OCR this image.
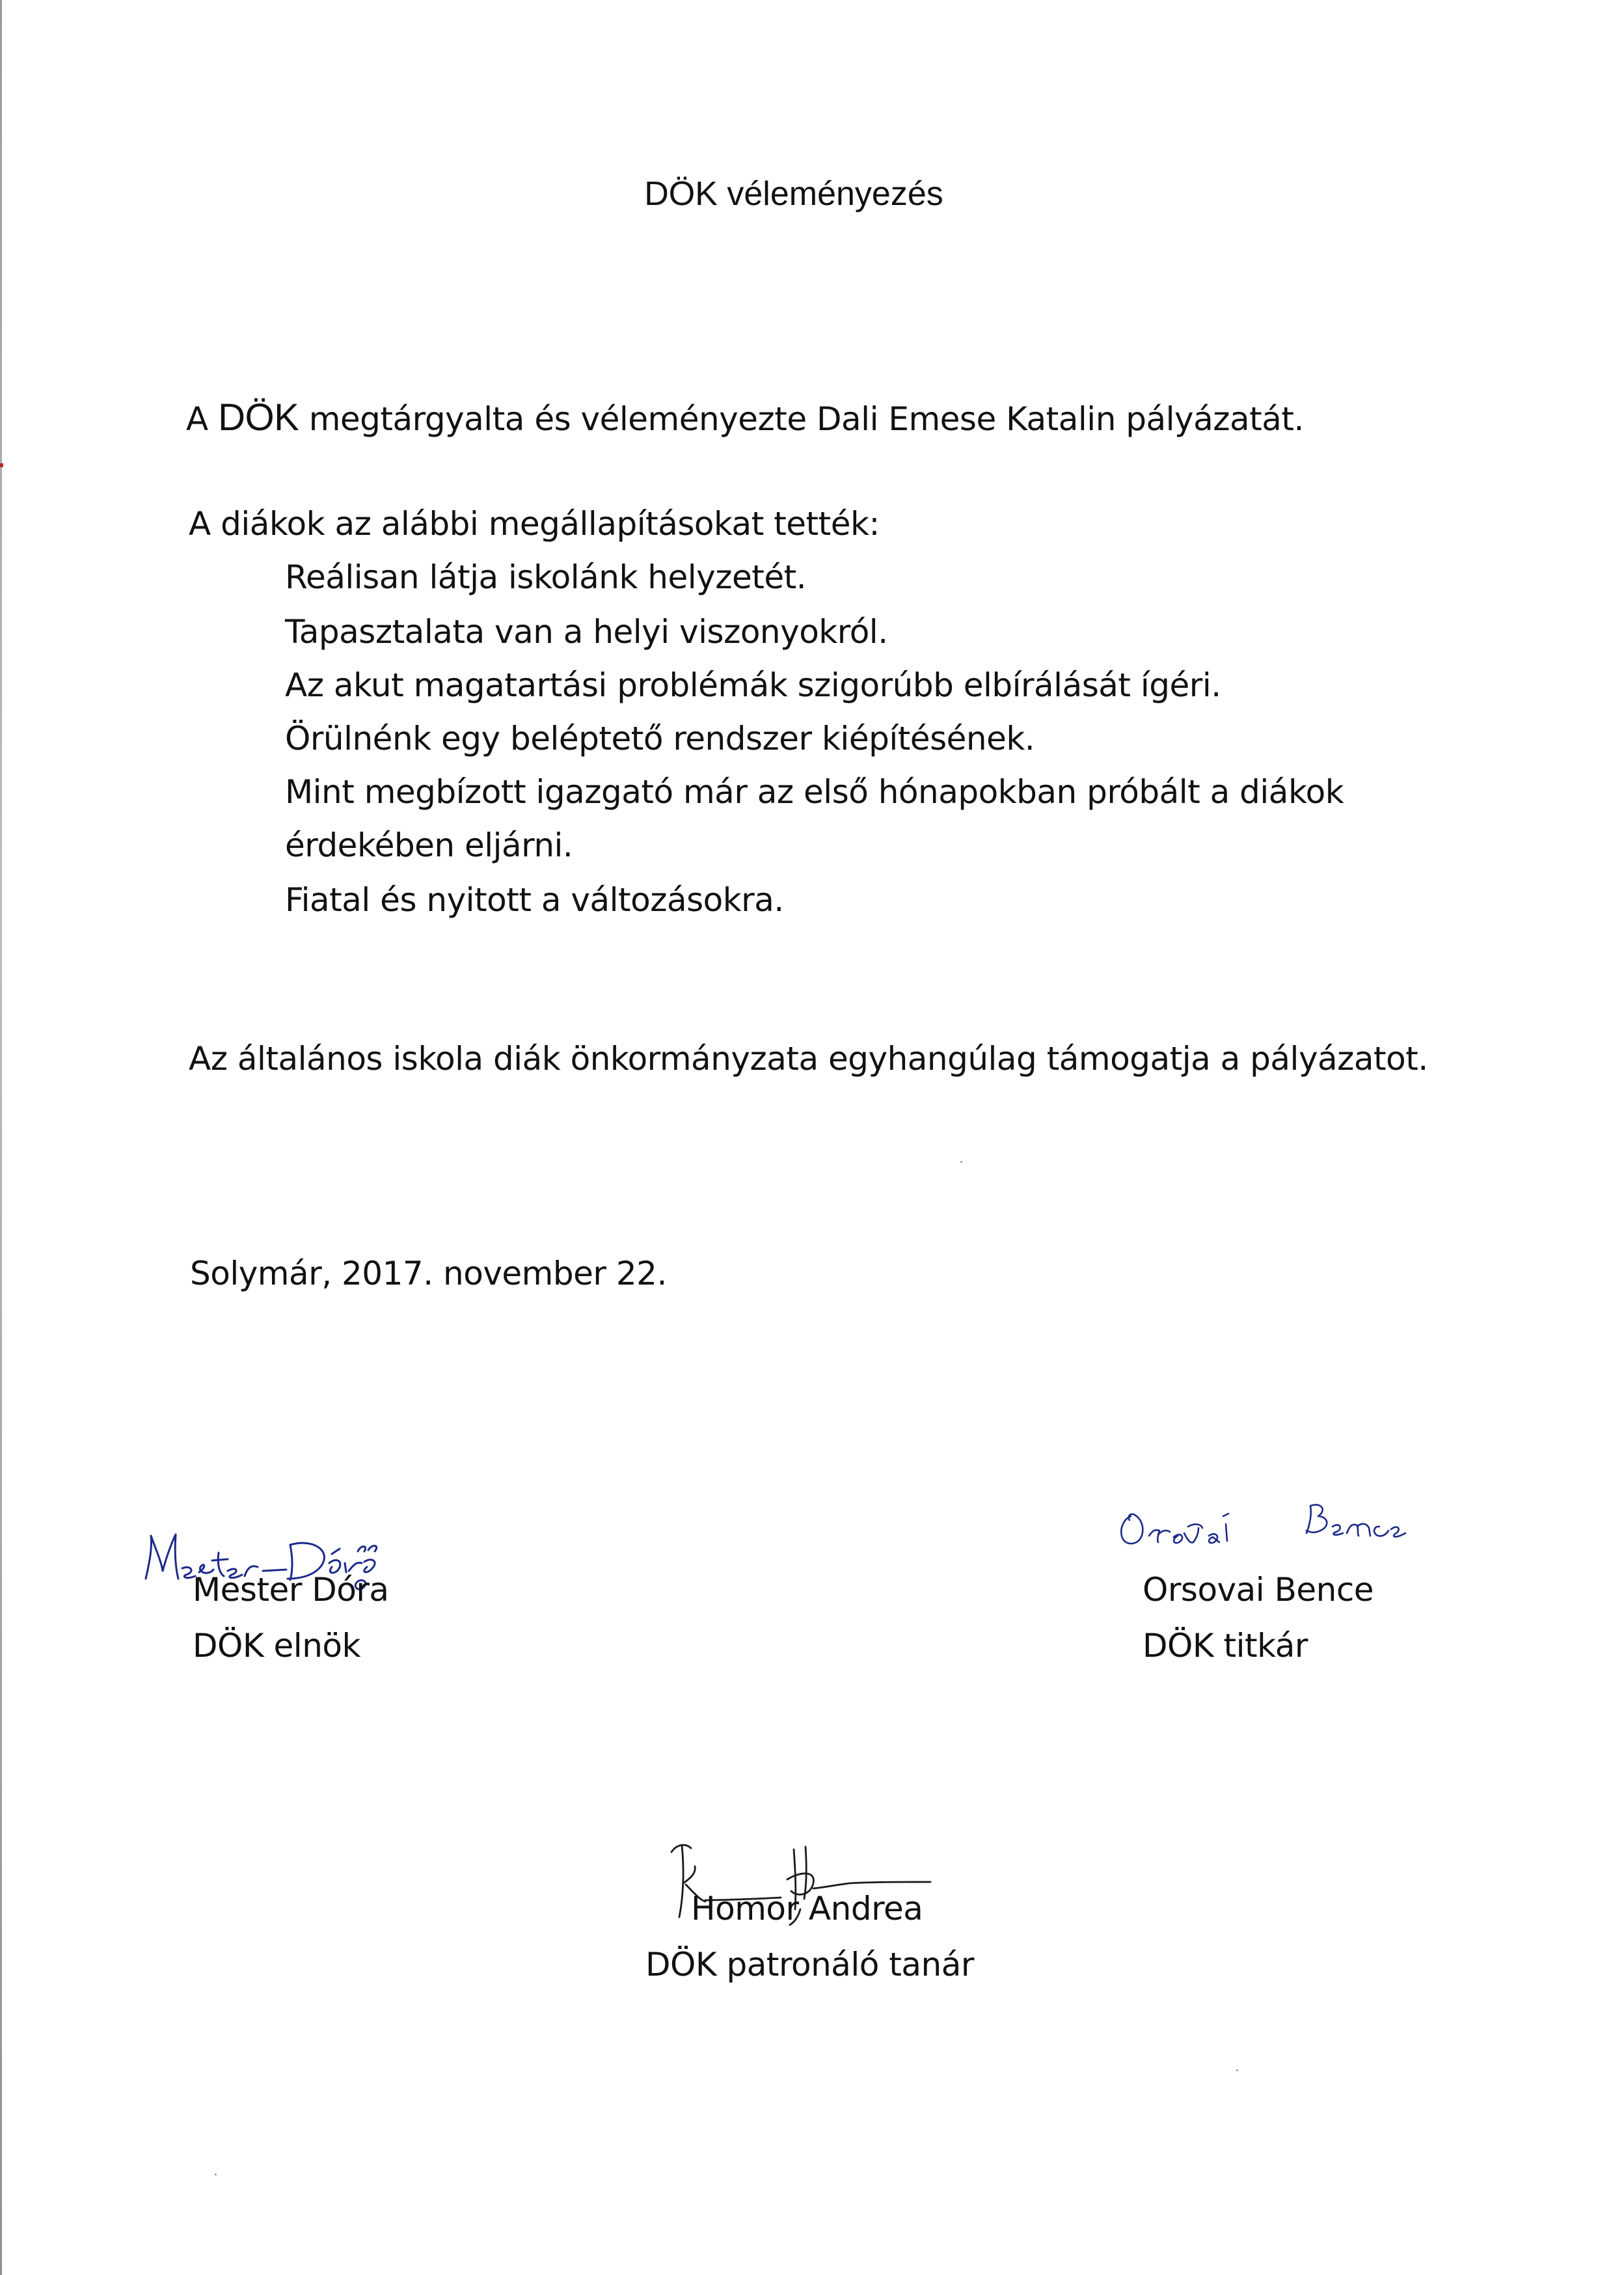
DÖK véleményezés
A DÖK megtárgyalta és véleményezte Dali Emese Katalin pályázatát.
A diákok az alábbi megállapításokat tették:
Reálisan látja iskolánk helyzetét.
Tapasztalata van a helyi viszonyokról.
Az akut magatartási problémák szigorúbb elbírálását ígéri.
Örülnénk egy beléptető rendszer kiépítésének.
Mint megbízott igazgató már az első hónapokban próbált a diákok
érdekében eljárni.
Fiatal és nyitott a változásokra.
Az általános iskola diák önkormányzata egyhangúlag támogatja a pályázatot.
Solymár, 2017. november 22.
Mester Dóra
DÖK elnök
Orsovai Bence
DÖK titkár
Homor Andrea
DÖK patronáló tanár
